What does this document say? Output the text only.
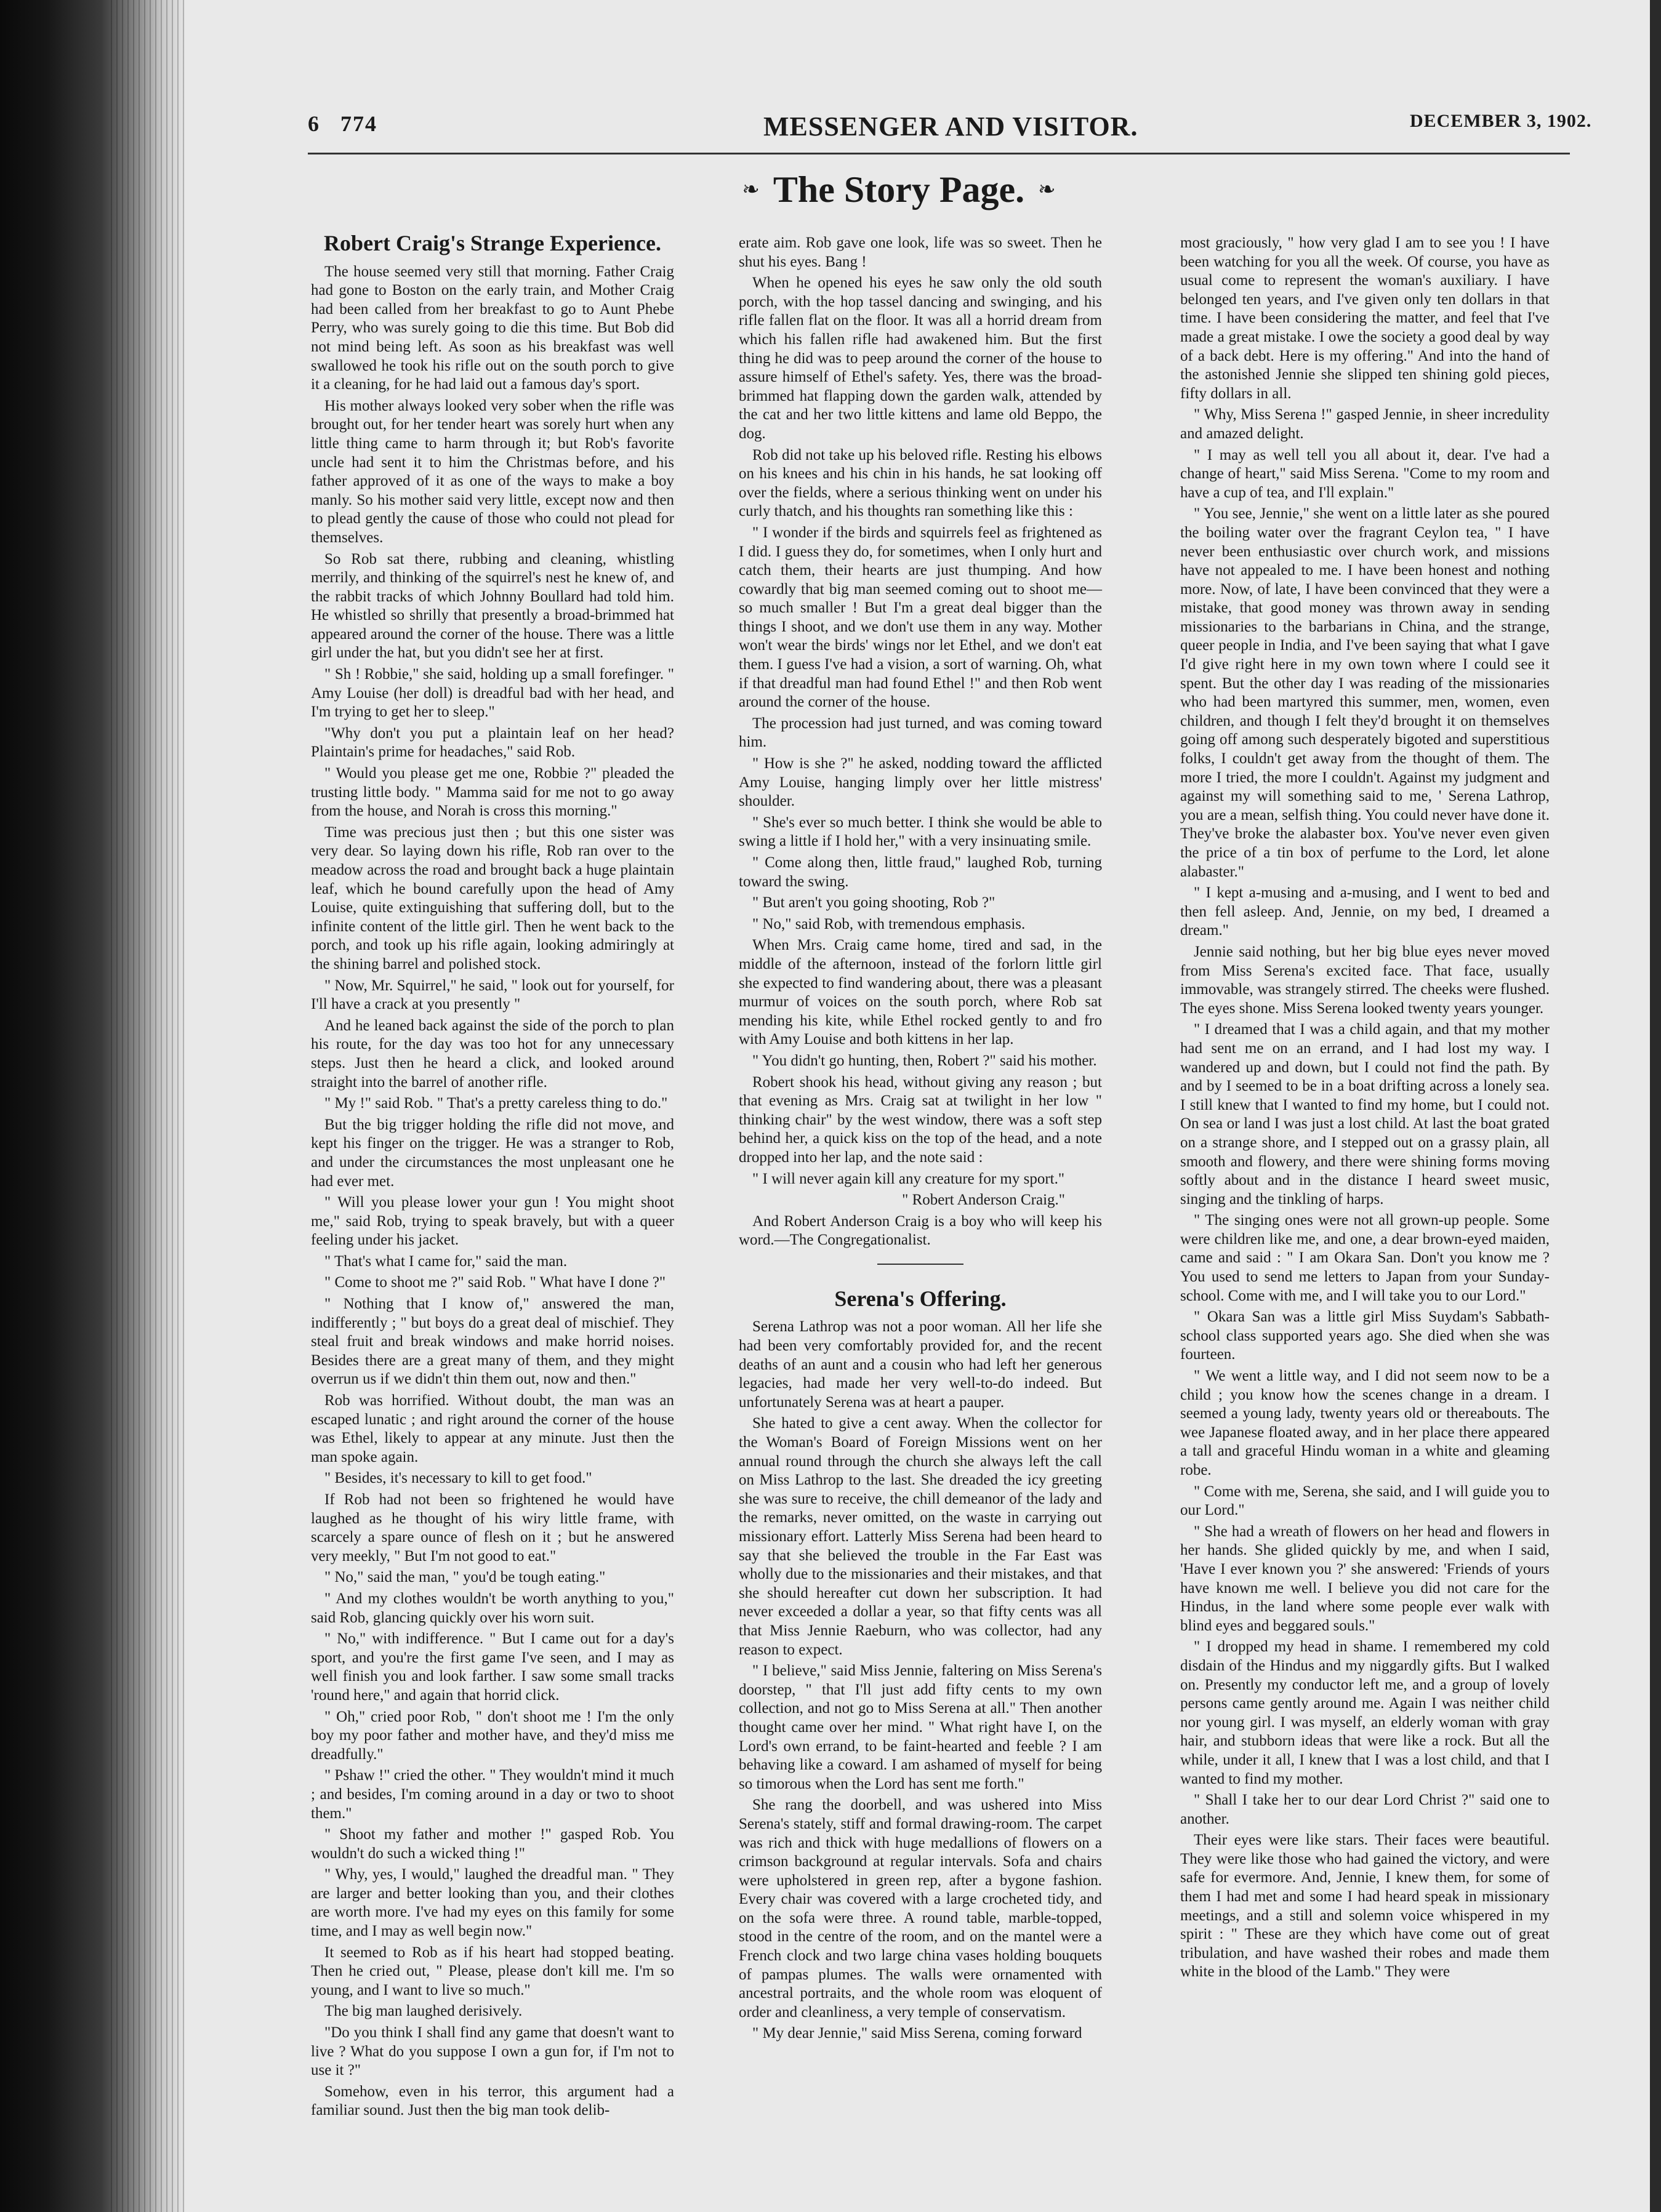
6 774	MESSENGER AND VISITOR.	DECEMBER 3, 1902.
❧ The Story Page. ❧
Robert Craig's Strange Experience.

The house seemed very still that morning. Father Craig had gone to Boston on the early train, and Mother Craig had been called from her breakfast to go to Aunt Phebe Perry, who was surely going to die this time. But Bob did not mind being left. As soon as his breakfast was well swallowed he took his rifle out on the south porch to give it a cleaning, for he had laid out a famous day's sport.

His mother always looked very sober when the rifle was brought out, for her tender heart was sorely hurt when any little thing came to harm through it; but Rob's favorite uncle had sent it to him the Christmas before, and his father approved of it as one of the ways to make a boy manly. So his mother said very little, except now and then to plead gently the cause of those who could not plead for themselves.

So Rob sat there, rubbing and cleaning, whistling merrily, and thinking of the squirrel's nest he knew of, and the rabbit tracks of which Johnny Boullard had told him. He whistled so shrilly that presently a broad-brimmed hat appeared around the corner of the house. There was a little girl under the hat, but you didn't see her at first.

" Sh ! Robbie," she said, holding up a small forefinger. " Amy Louise (her doll) is dreadful bad with her head, and I'm trying to get her to sleep."

"Why don't you put a plaintain leaf on her head? Plaintain's prime for headaches," said Rob.

" Would you please get me one, Robbie ?" pleaded the trusting little body. " Mamma said for me not to go away from the house, and Norah is cross this morning."

Time was precious just then ; but this one sister was very dear. So laying down his rifle, Rob ran over to the meadow across the road and brought back a huge plaintain leaf, which he bound carefully upon the head of Amy Louise, quite extinguishing that suffering doll, but to the infinite content of the little girl. Then he went back to the porch, and took up his rifle again, looking admiringly at the shining barrel and polished stock.

" Now, Mr. Squirrel," he said, " look out for yourself, for I'll have a crack at you presently "

And he leaned back against the side of the porch to plan his route, for the day was too hot for any unnecessary steps. Just then he heard a click, and looked around straight into the barrel of another rifle.

" My !" said Rob. " That's a pretty careless thing to do."

But the big trigger holding the rifle did not move, and kept his finger on the trigger. He was a stranger to Rob, and under the circumstances the most unpleasant one he had ever met.

" Will you please lower your gun ! You might shoot me," said Rob, trying to speak bravely, but with a queer feeling under his jacket.

" That's what I came for," said the man.

" Come to shoot me ?" said Rob. " What have I done ?"

" Nothing that I know of," answered the man, indifferently ; " but boys do a great deal of mischief. They steal fruit and break windows and make horrid noises. Besides there are a great many of them, and they might overrun us if we didn't thin them out, now and then."

Rob was horrified. Without doubt, the man was an escaped lunatic ; and right around the corner of the house was Ethel, likely to appear at any minute. Just then the man spoke again.

" Besides, it's necessary to kill to get food."

If Rob had not been so frightened he would have laughed as he thought of his wiry little frame, with scarcely a spare ounce of flesh on it ; but he answered very meekly, " But I'm not good to eat."

" No," said the man, " you'd be tough eating."

" And my clothes wouldn't be worth anything to you," said Rob, glancing quickly over his worn suit.

" No," with indifference. " But I came out for a day's sport, and you're the first game I've seen, and I may as well finish you and look farther. I saw some small tracks 'round here," and again that horrid click.

" Oh," cried poor Rob, " don't shoot me ! I'm the only boy my poor father and mother have, and they'd miss me dreadfully."

" Pshaw !" cried the other. " They wouldn't mind it much ; and besides, I'm coming around in a day or two to shoot them."

" Shoot my father and mother !" gasped Rob. You wouldn't do such a wicked thing !"

" Why, yes, I would," laughed the dreadful man. " They are larger and better looking than you, and their clothes are worth more. I've had my eyes on this family for some time, and I may as well begin now."

It seemed to Rob as if his heart had stopped beating. Then he cried out, " Please, please don't kill me. I'm so young, and I want to live so much."

The big man laughed derisively.

"Do you think I shall find any game that doesn't want to live ? What do you suppose I own a gun for, if I'm not to use it ?"

Somehow, even in his terror, this argument had a familiar sound. Just then the big man took delib-

erate aim. Rob gave one look, life was so sweet. Then he shut his eyes. Bang !

When he opened his eyes he saw only the old south porch, with the hop tassel dancing and swinging, and his rifle fallen flat on the floor. It was all a horrid dream from which his fallen rifle had awakened him. But the first thing he did was to peep around the corner of the house to assure himself of Ethel's safety. Yes, there was the broad-brimmed hat flapping down the garden walk, attended by the cat and her two little kittens and lame old Beppo, the dog.

Rob did not take up his beloved rifle. Resting his elbows on his knees and his chin in his hands, he sat looking off over the fields, where a serious thinking went on under his curly thatch, and his thoughts ran something like this :

" I wonder if the birds and squirrels feel as frightened as I did. I guess they do, for sometimes, when I only hurt and catch them, their hearts are just thumping. And how cowardly that big man seemed coming out to shoot me—so much smaller ! But I'm a great deal bigger than the things I shoot, and we don't use them in any way. Mother won't wear the birds' wings nor let Ethel, and we don't eat them. I guess I've had a vision, a sort of warning. Oh, what if that dreadful man had found Ethel !" and then Rob went around the corner of the house.

The procession had just turned, and was coming toward him.

" How is she ?" he asked, nodding toward the afflicted Amy Louise, hanging limply over her little mistress' shoulder.

" She's ever so much better. I think she would be able to swing a little if I hold her," with a very insinuating smile.

" Come along then, little fraud," laughed Rob, turning toward the swing.

" But aren't you going shooting, Rob ?"

" No," said Rob, with tremendous emphasis.

When Mrs. Craig came home, tired and sad, in the middle of the afternoon, instead of the forlorn little girl she expected to find wandering about, there was a pleasant murmur of voices on the south porch, where Rob sat mending his kite, while Ethel rocked gently to and fro with Amy Louise and both kittens in her lap.

" You didn't go hunting, then, Robert ?" said his mother.

Robert shook his head, without giving any reason ; but that evening as Mrs. Craig sat at twilight in her low " thinking chair" by the west window, there was a soft step behind her, a quick kiss on the top of the head, and a note dropped into her lap, and the note said :

" I will never again kill any creature for my sport."

" Robert Anderson Craig."

And Robert Anderson Craig is a boy who will keep his word.—The Congregationalist.

Serena's Offering.

Serena Lathrop was not a poor woman. All her life she had been very comfortably provided for, and the recent deaths of an aunt and a cousin who had left her generous legacies, had made her very well-to-do indeed. But unfortunately Serena was at heart a pauper.

She hated to give a cent away. When the collector for the Woman's Board of Foreign Missions went on her annual round through the church she always left the call on Miss Lathrop to the last. She dreaded the icy greeting she was sure to receive, the chill demeanor of the lady and the remarks, never omitted, on the waste in carrying out missionary effort. Latterly Miss Serena had been heard to say that she believed the trouble in the Far East was wholly due to the missionaries and their mistakes, and that she should hereafter cut down her subscription. It had never exceeded a dollar a year, so that fifty cents was all that Miss Jennie Raeburn, who was collector, had any reason to expect.

" I believe," said Miss Jennie, faltering on Miss Serena's doorstep, " that I'll just add fifty cents to my own collection, and not go to Miss Serena at all." Then another thought came over her mind. " What right have I, on the Lord's own errand, to be faint-hearted and feeble ? I am behaving like a coward. I am ashamed of myself for being so timorous when the Lord has sent me forth."

She rang the doorbell, and was ushered into Miss Serena's stately, stiff and formal drawing-room. The carpet was rich and thick with huge medallions of flowers on a crimson background at regular intervals. Sofa and chairs were upholstered in green rep, after a bygone fashion. Every chair was covered with a large crocheted tidy, and on the sofa were three. A round table, marble-topped, stood in the centre of the room, and on the mantel were a French clock and two large china vases holding bouquets of pampas plumes. The walls were ornamented with ancestral portraits, and the whole room was eloquent of order and cleanliness, a very temple of conservatism.

" My dear Jennie," said Miss Serena, coming forward

most graciously, " how very glad I am to see you ! I have been watching for you all the week. Of course, you have as usual come to represent the woman's auxiliary. I have belonged ten years, and I've given only ten dollars in that time. I have been considering the matter, and feel that I've made a great mistake. I owe the society a good deal by way of a back debt. Here is my offering." And into the hand of the astonished Jennie she slipped ten shining gold pieces, fifty dollars in all.

" Why, Miss Serena !" gasped Jennie, in sheer incredulity and amazed delight.

" I may as well tell you all about it, dear. I've had a change of heart," said Miss Serena. "Come to my room and have a cup of tea, and I'll explain."

" You see, Jennie," she went on a little later as she poured the boiling water over the fragrant Ceylon tea, " I have never been enthusiastic over church work, and missions have not appealed to me. I have been honest and nothing more. Now, of late, I have been convinced that they were a mistake, that good money was thrown away in sending missionaries to the barbarians in China, and the strange, queer people in India, and I've been saying that what I gave I'd give right here in my own town where I could see it spent. But the other day I was reading of the missionaries who had been martyred this summer, men, women, even children, and though I felt they'd brought it on themselves going off among such desperately bigoted and superstitious folks, I couldn't get away from the thought of them. The more I tried, the more I couldn't. Against my judgment and against my will something said to me, ' Serena Lathrop, you are a mean, selfish thing. You could never have done it. They've broke the alabaster box. You've never even given the price of a tin box of perfume to the Lord, let alone alabaster."

" I kept a-musing and a-musing, and I went to bed and then fell asleep. And, Jennie, on my bed, I dreamed a dream."

Jennie said nothing, but her big blue eyes never moved from Miss Serena's excited face. That face, usually immovable, was strangely stirred. The cheeks were flushed. The eyes shone. Miss Serena looked twenty years younger.

" I dreamed that I was a child again, and that my mother had sent me on an errand, and I had lost my way. I wandered up and down, but I could not find the path. By and by I seemed to be in a boat drifting across a lonely sea. I still knew that I wanted to find my home, but I could not. On sea or land I was just a lost child. At last the boat grated on a strange shore, and I stepped out on a grassy plain, all smooth and flowery, and there were shining forms moving softly about and in the distance I heard sweet music, singing and the tinkling of harps.

" The singing ones were not all grown-up people. Some were children like me, and one, a dear brown-eyed maiden, came and said : " I am Okara San. Don't you know me ? You used to send me letters to Japan from your Sunday-school. Come with me, and I will take you to our Lord."

" Okara San was a little girl Miss Suydam's Sabbath-school class supported years ago. She died when she was fourteen.

" We went a little way, and I did not seem now to be a child ; you know how the scenes change in a dream. I seemed a young lady, twenty years old or thereabouts. The wee Japanese floated away, and in her place there appeared a tall and graceful Hindu woman in a white and gleaming robe.

" Come with me, Serena, she said, and I will guide you to our Lord."

" She had a wreath of flowers on her head and flowers in her hands. She glided quickly by me, and when I said, 'Have I ever known you ?' she answered: 'Friends of yours have known me well. I believe you did not care for the Hindus, in the land where some people ever walk with blind eyes and beggared souls."

" I dropped my head in shame. I remembered my cold disdain of the Hindus and my niggardly gifts. But I walked on. Presently my conductor left me, and a group of lovely persons came gently around me. Again I was neither child nor young girl. I was myself, an elderly woman with gray hair, and stubborn ideas that were like a rock. But all the while, under it all, I knew that I was a lost child, and that I wanted to find my mother.

" Shall I take her to our dear Lord Christ ?" said one to another.

Their eyes were like stars. Their faces were beautiful. They were like those who had gained the victory, and were safe for evermore. And, Jennie, I knew them, for some of them I had met and some I had heard speak in missionary meetings, and a still and solemn voice whispered in my spirit : " These are they which have come out of great tribulation, and have washed their robes and made them white in the blood of the Lamb." They were
